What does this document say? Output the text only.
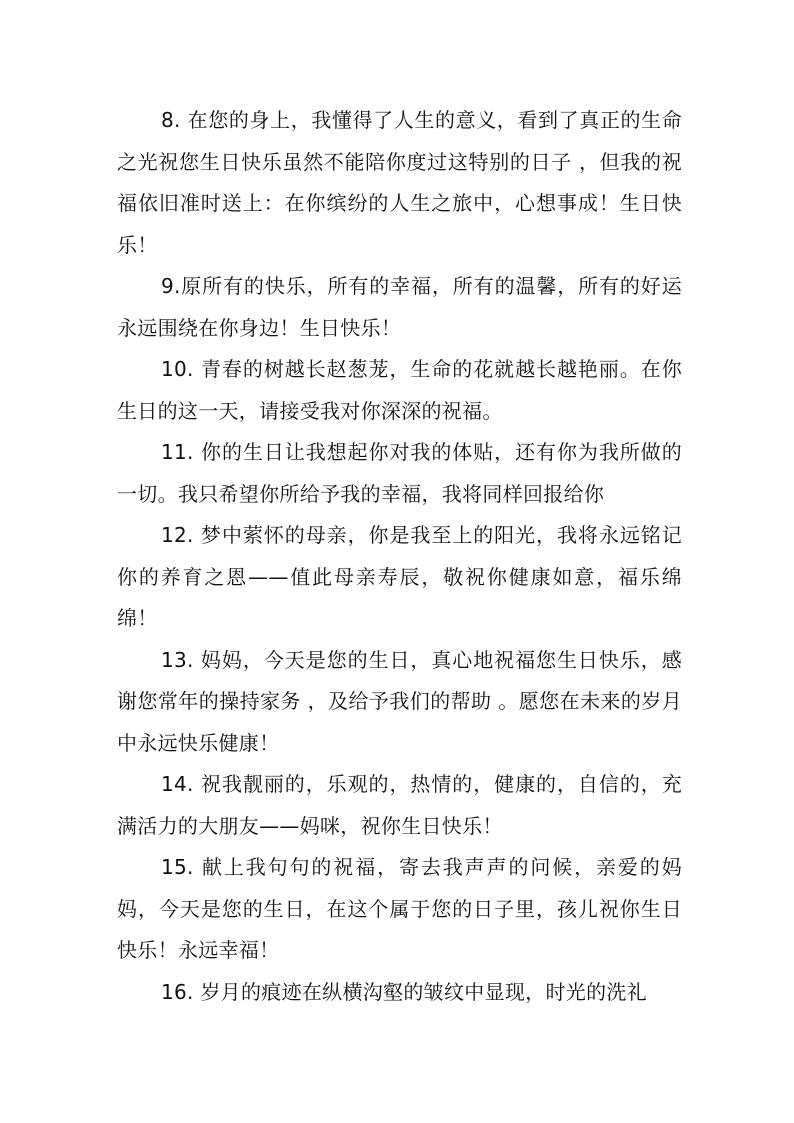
8. 在您的身上，我懂得了人生的意义，看到了真正的生命之光祝您生日快乐虽然不能陪你度过这特别的日子 ，但我的祝福依旧准时送上：在你缤纷的人生之旅中，心想事成！生日快乐！

9.原所有的快乐，所有的幸福，所有的温馨，所有的好运永远围绕在你身边！生日快乐！

10. 青春的树越长赵葱茏，生命的花就越长越艳丽。在你生日的这一天，请接受我对你深深的祝福。

11. 你的生日让我想起你对我的体贴，还有你为我所做的一切。我只希望你所给予我的幸福，我将同样回报给你

12. 梦中萦怀的母亲，你是我至上的阳光，我将永远铭记你的养育之恩——值此母亲寿辰，敬祝你健康如意，福乐绵绵！

13. 妈妈，今天是您的生日，真心地祝福您生日快乐，感谢您常年的操持家务 ，及给予我们的帮助 。愿您在未来的岁月中永远快乐健康！

14. 祝我靓丽的，乐观的，热情的，健康的，自信的，充满活力的大朋友——妈咪，祝你生日快乐！

15. 献上我句句的祝福，寄去我声声的问候，亲爱的妈妈，今天是您的生日，在这个属于您的日子里，孩儿祝你生日快乐！永远幸福！

16. 岁月的痕迹在纵横沟壑的皱纹中显现，时光的洗礼
